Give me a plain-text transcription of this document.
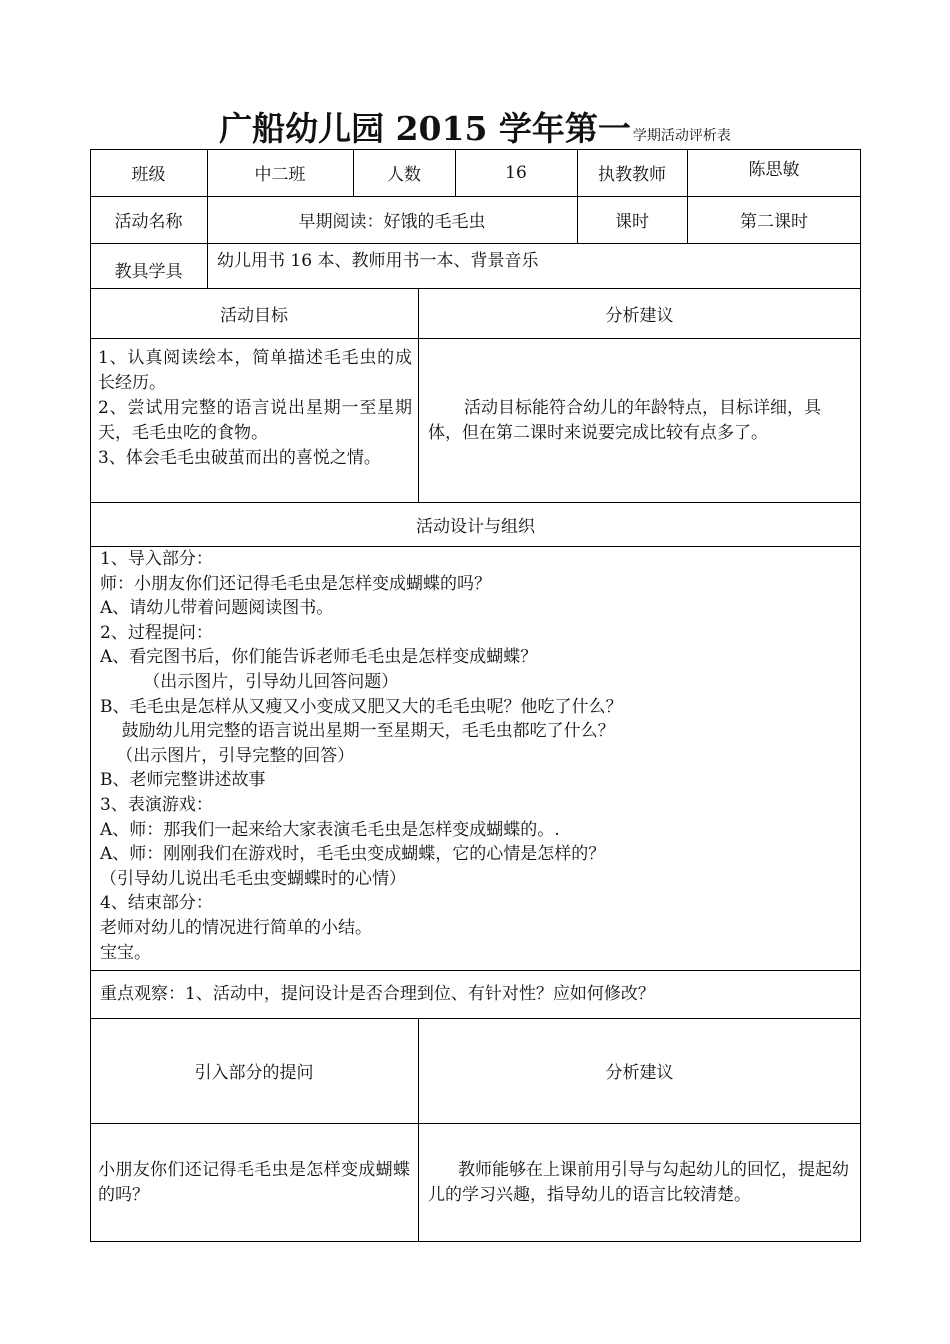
广船幼儿园 2015 学年第一 学期活动评析表
班级	中二班	人数	16	执教教师	陈思敏
活动名称	早期阅读：好饿的毛毛虫	课时	第二课时
教具学具
幼儿用书 16 本、教师用书一本、背景音乐
活动目标	分析建议
1、认真阅读绘本，简单描述毛毛虫的成长经历。
2、尝试用完整的语言说出星期一至星期天，毛毛虫吃的食物。
3、体会毛毛虫破茧而出的喜悦之情。
活动目标能符合幼儿的年龄特点，目标详细，具体，但在第二课时来说要完成比较有点多了。
活动设计与组织

1、导入部分：

师：小朋友你们还记得毛毛虫是怎样变成蝴蝶的吗？

A、请幼儿带着问题阅读图书。

2、过程提问：

A、看完图书后，你们能告诉老师毛毛虫是怎样变成蝴蝶？

（出示图片，引导幼儿回答问题）

B、毛毛虫是怎样从又瘦又小变成又肥又大的毛毛虫呢？他吃了什么？

鼓励幼儿用完整的语言说出星期一至星期天，毛毛虫都吃了什么？

（出示图片，引导完整的回答）

B、老师完整讲述故事

3、表演游戏：

A、师：那我们一起来给大家表演毛毛虫是怎样变成蝴蝶的。.

A、师：刚刚我们在游戏时，毛毛虫变成蝴蝶，它的心情是怎样的？

（引导幼儿说出毛毛虫变蝴蝶时的心情）

4、结束部分：

老师对幼儿的情况进行简单的小结。

宝宝。

重点观察：1、活动中，提问设计是否合理到位、有针对性？应如何修改？
引入部分的提问	分析建议
小朋友你们还记得毛毛虫是怎样变成蝴蝶的吗？
教师能够在上课前用引导与勾起幼儿的回忆，提起幼儿的学习兴趣，指导幼儿的语言比较清楚。
